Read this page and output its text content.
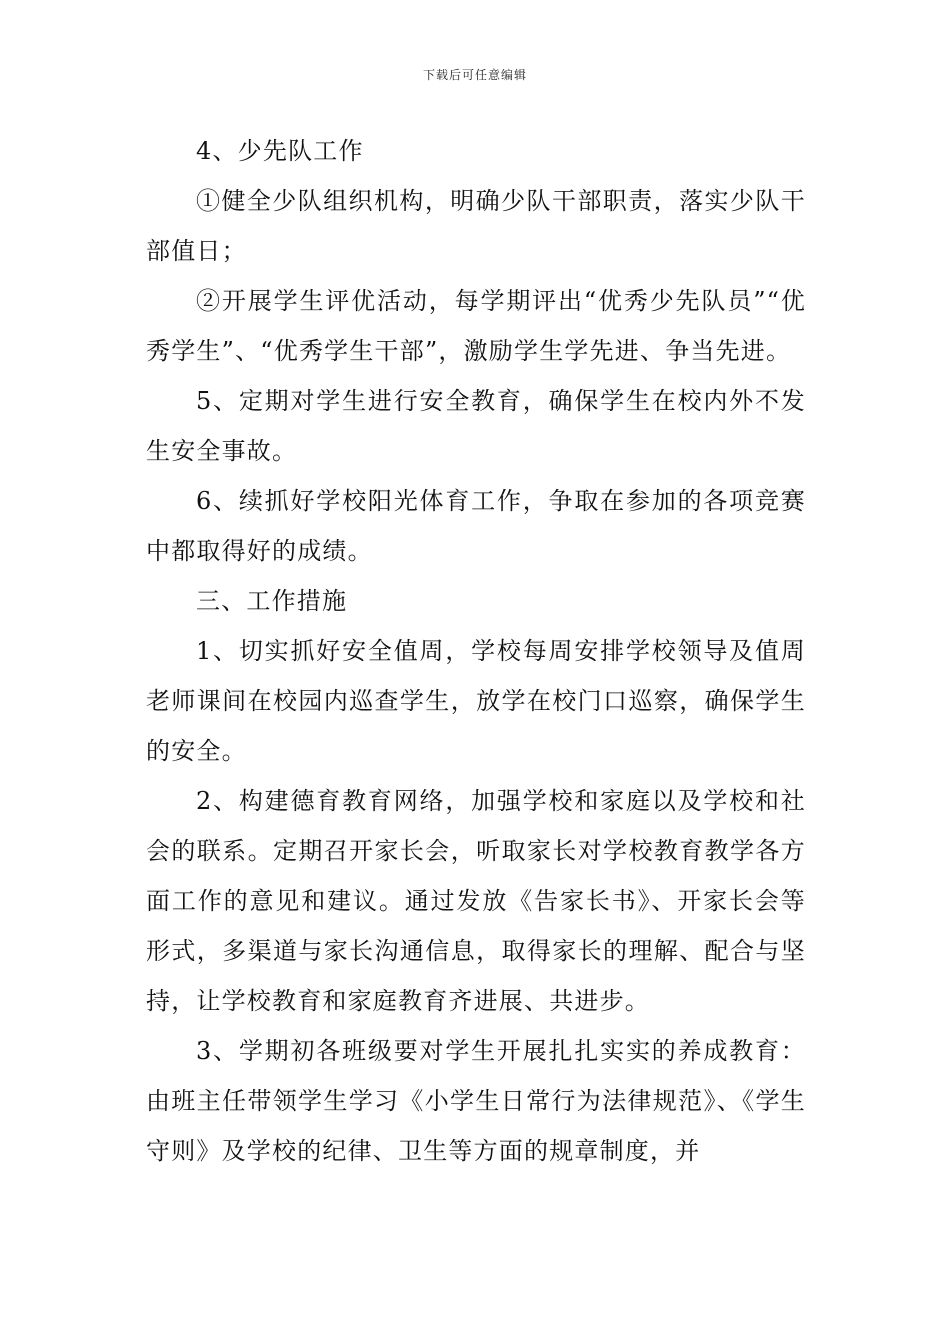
下载后可任意编辑

4、少先队工作

①健全少队组织机构，明确少队干部职责，落实少队干部值日；

②开展学生评优活动，每学期评出“优秀少先队员”“优秀学生”、“优秀学生干部”，激励学生学先进、争当先进。

5、定期对学生进行安全教育，确保学生在校内外不发生安全事故。

6、续抓好学校阳光体育工作，争取在参加的各项竞赛中都取得好的成绩。

三、工作措施

1、切实抓好安全值周，学校每周安排学校领导及值周老师课间在校园内巡查学生，放学在校门口巡察，确保学生的安全。

2、构建德育教育网络，加强学校和家庭以及学校和社会的联系。定期召开家长会，听取家长对学校教育教学各方面工作的意见和建议。通过发放《告家长书》、开家长会等形式，多渠道与家长沟通信息，取得家长的理解、配合与坚持，让学校教育和家庭教育齐进展、共进步。

3、学期初各班级要对学生开展扎扎实实的养成教育：由班主任带领学生学习《小学生日常行为法律规范》、《学生守则》及学校的纪律、卫生等方面的规章制度，并
